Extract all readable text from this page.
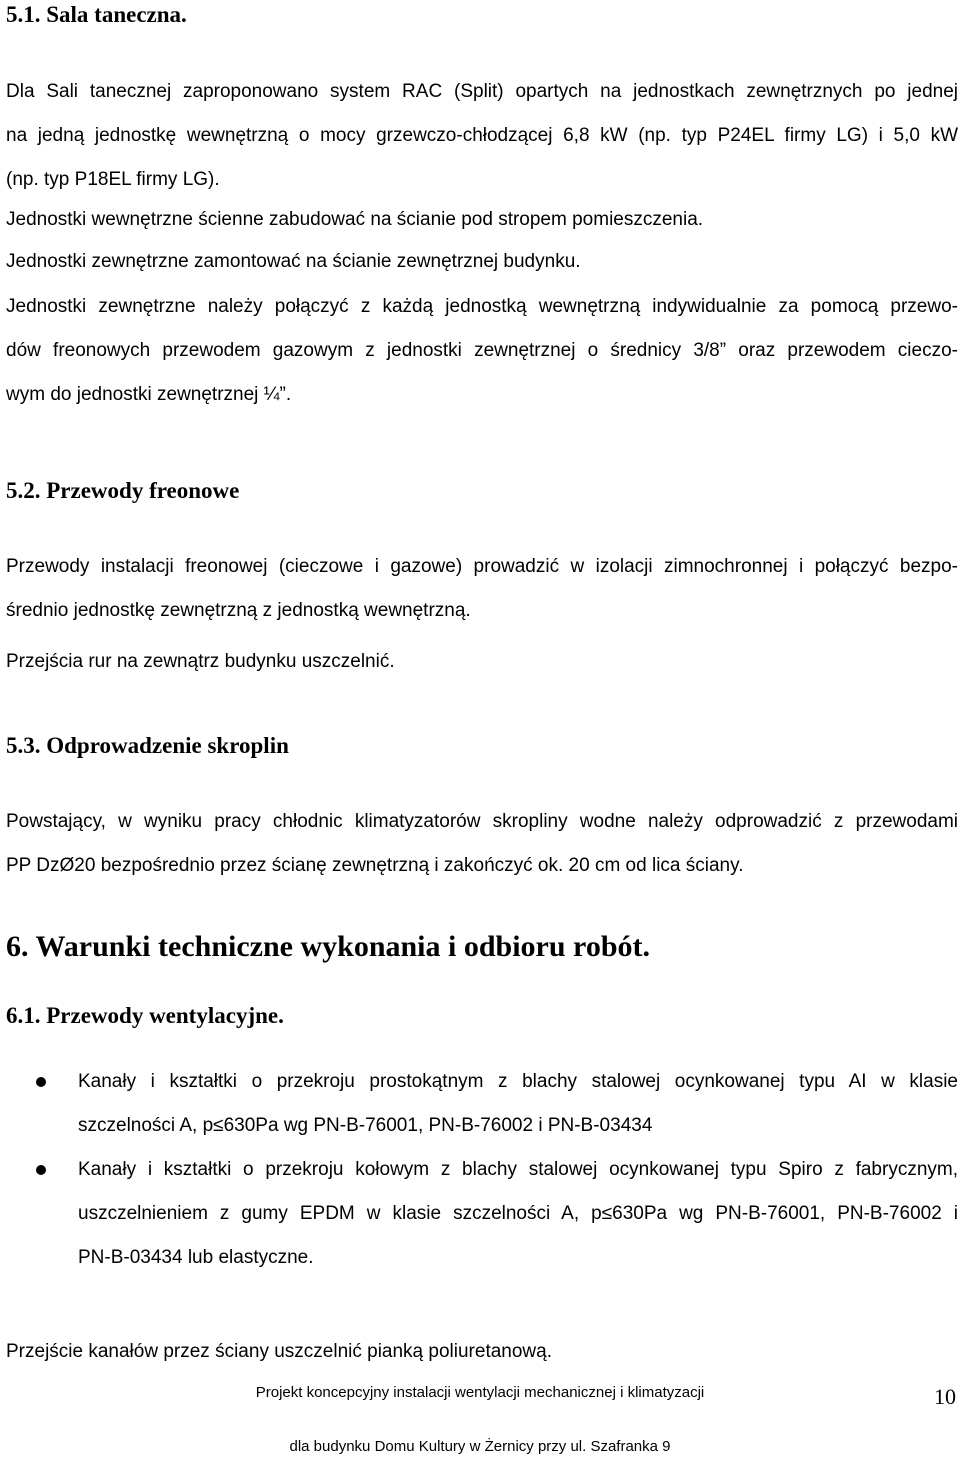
5.1. Sala taneczna.
Dla Sali tanecznej zaproponowano system RAC (Split) opartych na jednostkach zewnętrznych po jednej
na jedną jednostkę wewnętrzną o mocy grzewczo-chłodzącej 6,8 kW (np. typ P24EL firmy LG) i 5,0 kW
(np. typ P18EL firmy LG).
Jednostki wewnętrzne ścienne zabudować na ścianie pod stropem pomieszczenia.
Jednostki zewnętrzne zamontować na ścianie zewnętrznej budynku.
Jednostki zewnętrzne należy połączyć z każdą jednostką wewnętrzną indywidualnie za pomocą przewo-
dów freonowych przewodem gazowym z jednostki zewnętrznej o średnicy 3/8” oraz przewodem cieczo-
wym do jednostki zewnętrznej ¼”.
5.2. Przewody freonowe
Przewody instalacji freonowej (cieczowe i gazowe) prowadzić w izolacji zimnochronnej i połączyć bezpo-
średnio jednostkę zewnętrzną z jednostką wewnętrzną.
Przejścia rur na zewnątrz budynku uszczelnić.
5.3. Odprowadzenie skroplin
Powstający, w wyniku pracy chłodnic klimatyzatorów skropliny wodne należy odprowadzić z przewodami
PP DzØ20 bezpośrednio przez ścianę zewnętrzną i zakończyć ok. 20 cm od lica ściany.
6. Warunki techniczne wykonania i odbioru robót.
6.1. Przewody wentylacyjne.
Kanały i kształtki o przekroju prostokątnym z blachy stalowej ocynkowanej typu AI w klasie
szczelności A, p≤630Pa wg PN-B-76001, PN-B-76002 i PN-B-03434
Kanały i kształtki o przekroju kołowym z blachy stalowej ocynkowanej typu Spiro z fabrycznym,
uszczelnieniem z gumy EPDM w klasie szczelności A, p≤630Pa wg PN-B-76001, PN-B-76002 i
PN-B-03434 lub elastyczne.
Przejście kanałów przez ściany uszczelnić pianką poliuretanową.
Projekt koncepcyjny instalacji wentylacji mechanicznej i klimatyzacji
dla budynku Domu Kultury w Żernicy przy ul. Szafranka 9
10
